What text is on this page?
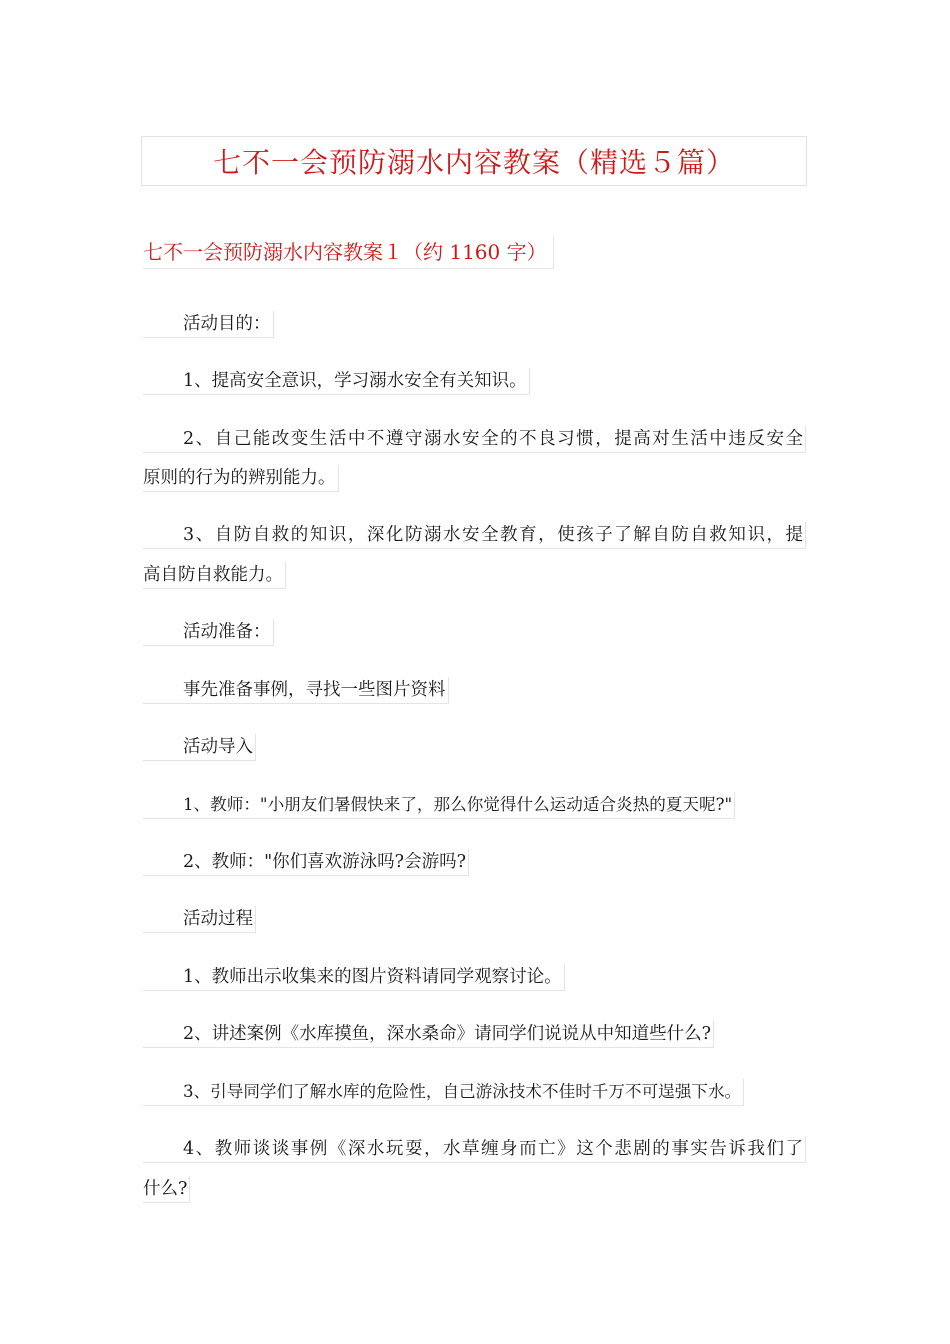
七不一会预防溺水内容教案（精选５篇）
七不一会预防溺水内容教案１（约 1160 字）
活动目的：
1、提高安全意识，学习溺水安全有关知识。
2、自己能改变生活中不遵守溺水安全的不良习惯，提高对生活中违反安全
原则的行为的辨别能力。
3、自防自救的知识，深化防溺水安全教育，使孩子了解自防自救知识，提
高自防自救能力。
活动准备：
事先准备事例，寻找一些图片资料
活动导入
1、教师："小朋友们暑假快来了，那么你觉得什么运动适合炎热的夏天呢?"
2、教师："你们喜欢游泳吗?会游吗?
活动过程
1、教师出示收集来的图片资料请同学观察讨论。
2、讲述案例《水库摸鱼，深水桑命》请同学们说说从中知道些什么?
3、引导同学们了解水库的危险性，自己游泳技术不佳时千万不可逞强下水。
4、教师谈谈事例《深水玩耍，水草缠身而亡》这个悲剧的事实告诉我们了
什么?
